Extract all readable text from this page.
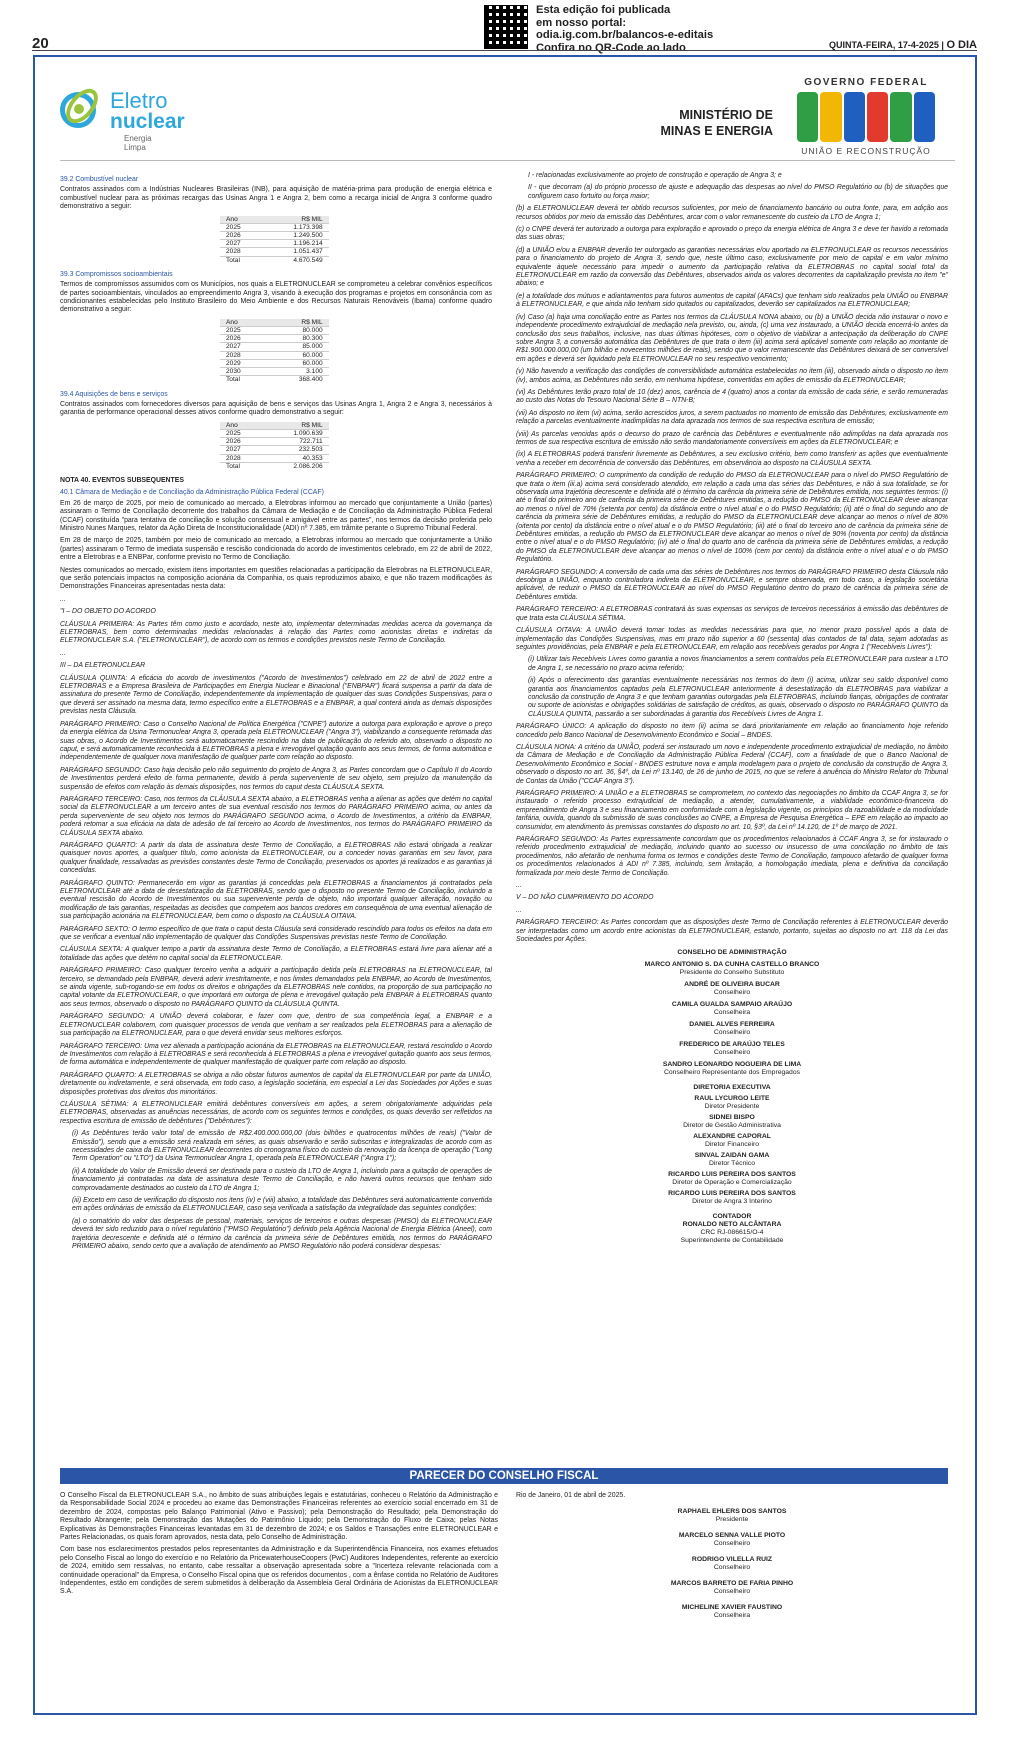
20
Esta edição foi publicada
em nosso portal:
odia.ig.com.br/balancos-e-editais
Confira no QR-Code ao lado	QUINTA-FEIRA, 17-4-2025 | O DIA
Eletro
nuclear
Energia Limpa
MINISTÉRIO DE
MINAS E ENERGIA
GOVERNO FEDERAL
UNIÃO E RECONSTRUÇÃO
39.2 Combustível nuclear

Contratos assinados com a Indústrias Nucleares Brasileiras (INB), para aquisição de matéria-prima para produção de energia elétrica e combustível nuclear para as próximas recargas das Usinas Angra 1 e Angra 2, bem como a recarga inicial de Angra 3 conforme quadro demonstrativo a seguir:

Ano	R$ MIL
2025	1.173.398
2026	1.249.500
2027	1.196.214
2028	1.051.437
Total	4.670.549
39.3 Compromissos socioambientais

Termos de compromissos assumidos com os Municípios, nos quais a ELETRONUCLEAR se comprometeu a celebrar convênios específicos de partes socioambientais, vinculados ao empreendimento Angra 3, visando à execução dos programas e projetos em consonância com as condicionantes estabelecidas pelo Instituto Brasileiro do Meio Ambiente e dos Recursos Naturais Renováveis (Ibama) conforme quadro demonstrativo a seguir:

Ano	R$ MIL
2025	80.000
2026	80.300
2027	85.000
2028	60.000
2029	60.000
2030	3.100
Total	368.400
39.4 Aquisições de bens e serviços

Contratos assinados com fornecedores diversos para aquisição de bens e serviços das Usinas Angra 1, Angra 2 e Angra 3, necessários à garantia de performance operacional desses ativos conforme quadro demonstrativo a seguir:

Ano	R$ MIL
2025	1.090.639
2026	722.711
2027	232.503
2028	40.353
Total	2.086.206
NOTA 40. EVENTOS SUBSEQUENTES
40.1 Câmara de Mediação e de Conciliação da Administração Pública Federal (CCAF)

Em 26 de março de 2025, por meio de comunicado ao mercado, a Eletrobras informou ao mercado que conjuntamente a União (partes) assinaram o Termo de Conciliação decorrente dos trabalhos da Câmara de Mediação e de Conciliação da Administração Pública Federal (CCAF) constituída "para tentativa de conciliação e solução consensual e amigável entre as partes", nos termos da decisão proferida pelo Ministro Nunes Marques, relator da Ação Direta de Inconstitucionalidade (ADI) nº 7.385, em trâmite perante o Supremo Tribunal Federal.

Em 28 de março de 2025, também por meio de comunicado ao mercado, a Eletrobras informou ao mercado que conjuntamente a União (partes) assinaram o Termo de imediata suspensão e rescisão condicionada do acordo de investimentos celebrado, em 22 de abril de 2022, entre a Eletrobras e a ENBPar, conforme previsto no Termo de Conciliação.

Nestes comunicados ao mercado, existem itens importantes em questões relacionadas a participação da Eletrobras na ELETRONUCLEAR, que serão potenciais impactos na composição acionária da Companhia, os quais reproduzimos abaixo, e que não trazem modificações às Demonstrações Financeiras apresentadas nesta data:

...

"I – DO OBJETO DO ACORDO

CLÁUSULA PRIMEIRA: As Partes têm como justo e acordado, neste ato, implementar determinadas medidas acerca da governança da ELETROBRAS, bem como determinadas medidas relacionadas à relação das Partes como acionistas diretas e indiretas da ELETRONUCLEAR S.A. ("ELETRONUCLEAR"), de acordo com os termos e condições previstos neste Termo de Conciliação.

...

III – DA ELETRONUCLEAR

CLÁUSULA QUINTA: A eficácia do acordo de investimentos ("Acordo de Investimentos") celebrado em 22 de abril de 2022 entre a ELETROBRAS e a Empresa Brasileira de Participações em Energia Nuclear e Binacional ("ENBPAR") ficará suspensa a partir da data de assinatura do presente Termo de Conciliação, independentemente da implementação de qualquer das suas Condições Suspensivas, para o que deverá ser assinado na mesma data, termo específico entre a ELETROBRAS e a ENBPAR, a qual conterá ainda as demais disposições previstas nesta Cláusula.

PARÁGRAFO PRIMEIRO: Caso o Conselho Nacional de Política Energética ("CNPE") autorize a outorga para exploração e aprove o preço da energia elétrica da Usina Termonuclear Angra 3, operada pela ELETRONUCLEAR ("Angra 3"), viabilizando a consequente retomada das suas obras, o Acordo de Investimentos será automaticamente rescindido na data de publicação do referido ato, observado o disposto no caput, e será automaticamente reconhecida à ELETROBRAS a plena e irrevogável quitação quanto aos seus termos, de forma automática e independentemente de qualquer nova manifestação de qualquer parte com relação ao disposto.

PARÁGRAFO SEGUNDO: Caso haja decisão pelo não seguimento do projeto de Angra 3, as Partes concordam que o Capítulo II do Acordo de Investimentos perderá efeito de forma permanente, devido à perda superveniente de seu objeto, sem prejuízo da manutenção da suspensão de efeitos com relação às demais disposições, nos termos do caput desta CLÁUSULA SEXTA.

PARÁGRAFO TERCEIRO: Caso, nos termos da CLÁUSULA SEXTA abaixo, a ELETROBRAS venha a alienar as ações que detém no capital social da ELETRONUCLEAR a um terceiro antes de sua eventual rescisão nos termos do PARÁGRAFO PRIMEIRO acima, ou antes da perda superveniente de seu objeto nos termos do PARÁGRAFO SEGUNDO acima, o Acordo de Investimentos, a critério da ENBPAR, poderá retomar a sua eficácia na data de adesão de tal terceiro ao Acordo de Investimentos, nos termos do PARÁGRAFO PRIMEIRO da CLÁUSULA SEXTA abaixo.

PARÁGRAFO QUARTO: A partir da data de assinatura deste Termo de Conciliação, a ELETROBRAS não estará obrigada a realizar quaisquer novos aportes, a qualquer título, como acionista da ELETRONUCLEAR, ou a conceder novas garantias em seu favor, para qualquer finalidade, ressalvadas as previsões constantes deste Termo de Conciliação, preservados os aportes já realizados e as garantias já concedidas.

PARÁGRAFO QUINTO: Permanecerão em vigor as garantias já concedidas pela ELETROBRAS a financiamentos já contratados pela ELETRONUCLEAR até a data de desestatização da ELETROBRAS, sendo que o disposto no presente Termo de Conciliação, incluindo a eventual rescisão do Acordo de Investimentos ou sua superveniente perda de objeto, não importará qualquer alteração, novação ou modificação de tais garantias, respeitadas as decisões que competem aos bancos credores em consequência de uma eventual alienação de sua participação acionária na ELETRONUCLEAR, bem como o disposto na CLÁUSULA OITAVA.

PARÁGRAFO SEXTO: O termo específico de que trata o caput desta Cláusula será considerado rescindido para todos os efeitos na data em que se verificar a eventual não implementação de qualquer das Condições Suspensivas previstas neste Termo de Conciliação.

CLÁUSULA SEXTA: A qualquer tempo a partir da assinatura deste Termo de Conciliação, a ELETROBRAS estará livre para alienar até a totalidade das ações que detém no capital social da ELETRONUCLEAR.

PARÁGRAFO PRIMEIRO: Caso qualquer terceiro venha a adquirir a participação detida pela ELETROBRAS na ELETRONUCLEAR, tal terceiro, se demandado pela ENBPAR, deverá aderir irrestritamente, e nos limites demandados pela ENBPAR, ao Acordo de Investimentos, se ainda vigente, sub-rogando-se em todos os direitos e obrigações da ELETROBRAS nele contidos, na proporção de sua participação no capital votante da ELETRONUCLEAR, o que importará em outorga de plena e irrevogável quitação pela ENBPAR à ELETROBRAS quanto aos seus termos, observado o disposto no PARÁGRAFO QUINTO da CLÁUSULA QUINTA.

PARÁGRAFO SEGUNDO: A UNIÃO deverá colaborar, e fazer com que, dentro de sua competência legal, a ENBPAR e a ELETRONUCLEAR colaborem, com quaisquer processos de venda que venham a ser realizados pela ELETROBRAS para a alienação de sua participação na ELETRONUCLEAR, para o que deverá envidar seus melhores esforços.

PARÁGRAFO TERCEIRO: Uma vez alienada a participação acionária da ELETROBRAS na ELETRONUCLEAR, restará rescindido o Acordo de Investimentos com relação à ELETROBRAS e será reconhecida à ELETROBRAS a plena e irrevogável quitação quanto aos seus termos, de forma automática e independentemente de qualquer manifestação de qualquer parte com relação ao disposto.

PARÁGRAFO QUARTO: A ELETROBRAS se obriga a não obstar futuros aumentos de capital da ELETRONUCLEAR por parte da UNIÃO, diretamente ou indiretamente, e será observada, em todo caso, a legislação societária, em especial a Lei das Sociedades por Ações e suas disposições protetivas dos direitos dos minoritários.

CLÁUSULA SÉTIMA: A ELETRONUCLEAR emitirá debêntures conversíveis em ações, a serem obrigatoriamente adquiridas pela ELETROBRAS, observadas as anuências necessárias, de acordo com os seguintes termos e condições, os quais deverão ser refletidos na respectiva escritura de emissão de debêntures ("Debêntures"):

(i) As Debêntures terão valor total de emissão de R$2.400.000.000,00 (dois bilhões e quatrocentos milhões de reais) ("Valor de Emissão"), sendo que a emissão será realizada em séries, as quais observarão e serão subscritas e integralizadas de acordo com as necessidades de caixa da ELETRONUCLEAR decorrentes do cronograma físico do custeio da renovação da licença de operação ("Long Term Operation" ou "LTO") da Usina Termonuclear Angra 1, operada pela ELETRONUCLEAR ("Angra 1");

(ii) A totalidade do Valor de Emissão deverá ser destinada para o custeio da LTO de Angra 1, incluindo para a quitação de operações de financiamento já contratadas na data de assinatura deste Termo de Conciliação, e não haverá outros recursos que tenham sido comprovadamente destinados ao custeio da LTO de Angra 1;

(iii) Exceto em caso de verificação do disposto nos itens (iv) e (viii) abaixo, a totalidade das Debêntures será automaticamente convertida em ações ordinárias de emissão da ELETRONUCLEAR, caso seja verificada a satisfação da integralidade das seguintes condições:

(a) o somatório do valor das despesas de pessoal, materiais, serviços de terceiros e outras despesas (PMSO) da ELETRONUCLEAR deverá ter sido reduzido para o nível regulatório ("PMSO Regulatório") definido pela Agência Nacional de Energia Elétrica (Aneel), com trajetória decrescente e definida até o término da carência da primeira série de Debêntures emitida, nos termos do PARÁGRAFO PRIMEIRO abaixo, sendo certo que a avaliação de atendimento ao PMSO Regulatório não poderá considerar despesas:

I - relacionadas exclusivamente ao projeto de construção e operação de Angra 3; e

II - que decorram (a) do próprio processo de ajuste e adequação das despesas ao nível do PMSO Regulatório ou (b) de situações que configurem caso fortuito ou força maior;

(b) a ELETRONUCLEAR deverá ter obtido recursos suficientes, por meio de financiamento bancário ou outra fonte, para, em adição aos recursos obtidos por meio da emissão das Debêntures, arcar com o valor remanescente do custeio da LTO de Angra 1;

(c) o CNPE deverá ter autorizado a outorga para exploração e aprovado o preço da energia elétrica de Angra 3 e deve ter havido a retomada das suas obras;

(d) a UNIÃO e/ou a ENBPAR deverão ter outorgado as garantias necessárias e/ou aportado na ELETRONUCLEAR os recursos necessários para o financiamento do projeto de Angra 3, sendo que, neste último caso, exclusivamente por meio de capital e em valor mínimo equivalente àquele necessário para impedir o aumento da participação relativa da ELETROBRAS no capital social total da ELETRONUCLEAR em razão da conversão das Debêntures, observados ainda os valores decorrentes da capitalização prevista no item "e" abaixo; e

(e) a totalidade dos mútuos e adiantamentos para futuros aumentos de capital (AFACs) que tenham sido realizados pela UNIÃO ou ENBPAR à ELETRONUCLEAR, e que ainda não tenham sido quitados ou capitalizados, deverão ser capitalizados na ELETRONUCLEAR;

(iv) Caso (a) haja uma conciliação entre as Partes nos termos da CLÁUSULA NONA abaixo, ou (b) a UNIÃO decida não instaurar o novo e independente procedimento extrajudicial de mediação nela previsto, ou, ainda, (c) uma vez instaurado, a UNIÃO decida encerrá-lo antes da conclusão dos seus trabalhos, inclusive, nas duas últimas hipóteses, com o objetivo de viabilizar a antecipação da deliberação do CNPE sobre Angra 3, a conversão automática das Debêntures de que trata o item (iii) acima será aplicável somente com relação ao montante de R$1.900.000.000,00 (um bilhão e novecentos milhões de reais), sendo que o valor remanescente das Debêntures deixará de ser conversível em ações e deverá ser liquidado pela ELETRONUCLEAR no seu respectivo vencimento;

(v) Não havendo a verificação das condições de conversibilidade automática estabelecidas no item (iii), observado ainda o disposto no item (iv), ambos acima, as Debêntures não serão, em nenhuma hipótese, convertidas em ações de emissão da ELETRONUCLEAR;

(vi) As Debêntures terão prazo total de 10 (dez) anos, carência de 4 (quatro) anos a contar da emissão de cada série, e serão remuneradas ao custo das Notas do Tesouro Nacional Série B – NTN-B;

(vii) Ao disposto no item (vi) acima, serão acrescidos juros, a serem pactuados no momento de emissão das Debêntures, exclusivamente em relação a parcelas eventualmente inadimplidas na data aprazada nos termos de sua respectiva escritura de emissão;

(viii) As parcelas vencidas após o decurso do prazo de carência das Debêntures e eventualmente não adimplidas na data aprazada nos termos de sua respectiva escritura de emissão não serão mandatoriamente conversíveis em ações da ELETRONUCLEAR; e

(ix) A ELETROBRAS poderá transferir livremente as Debêntures, a seu exclusivo critério, bem como transferir as ações que eventualmente venha a receber em decorrência de conversão das Debêntures, em observância ao disposto na CLÁUSULA SEXTA.

PARÁGRAFO PRIMEIRO: O cumprimento da condição de redução do PMSO da ELETRONUCLEAR para o nível do PMSO Regulatório de que trata o item (iii.a) acima será considerado atendido, em relação a cada uma das séries das Debêntures, e não à sua totalidade, se for observada uma trajetória decrescente e definida até o término da carência da primeira série de Debêntures emitida, nos seguintes termos: (i) até o final do primeiro ano de carência da primeira série de Debêntures emitidas, a redução do PMSO da ELETRONUCLEAR deve alcançar ao menos o nível de 70% (setenta por cento) da distância entre o nível atual e o do PMSO Regulatório; (ii) até o final do segundo ano de carência da primeira série de Debêntures emitidas, a redução do PMSO da ELETRONUCLEAR deve alcançar ao menos o nível de 80% (oitenta por cento) da distância entre o nível atual e o do PMSO Regulatório; (iii) até o final do terceiro ano de carência da primeira série de Debêntures emitidas, a redução do PMSO da ELETRONUCLEAR deve alcançar ao menos o nível de 90% (noventa por cento) da distância entre o nível atual e o do PMSO Regulatório; (iv) até o final do quarto ano de carência da primeira série de Debêntures emitidas, a redução do PMSO da ELETRONUCLEAR deve alcançar ao menos o nível de 100% (cem por cento) da distância entre o nível atual e o do PMSO Regulatório.

PARÁGRAFO SEGUNDO: A conversão de cada uma das séries de Debêntures nos termos do PARÁGRAFO PRIMEIRO desta Cláusula não desobriga a UNIÃO, enquanto controladora indireta da ELETRONUCLEAR, e sempre observada, em todo caso, a legislação societária aplicável, de reduzir o PMSO da ELETRONUCLEAR ao nível do PMSO Regulatório dentro do prazo de carência da primeira série de Debêntures emitida.

PARÁGRAFO TERCEIRO: A ELETROBRAS contratará às suas expensas os serviços de terceiros necessários à emissão das debêntures de que trata esta CLÁUSULA SÉTIMA.

CLÁUSULA OITAVA: A UNIÃO deverá tomar todas as medidas necessárias para que, no menor prazo possível após a data de implementação das Condições Suspensivas, mas em prazo não superior a 60 (sessenta) dias contados de tal data, sejam adotadas as seguintes providências, pela ENBPAR e pela ELETRONUCLEAR, em relação aos recebíveis gerados por Angra 1 ("Recebíveis Livres"):

(i) Utilizar tais Recebíveis Livres como garantia a novos financiamentos a serem contraídos pela ELETRONUCLEAR para custear a LTO de Angra 1, se necessário no prazo acima referido;

(ii) Após o oferecimento das garantias eventualmente necessárias nos termos do item (i) acima, utilizar seu saldo disponível como garantia aos financiamentos captados pela ELETRONUCLEAR anteriormente à desestatização da ELETROBRAS para viabilizar a conclusão da construção de Angra 3 e que tenham garantias outorgadas pela ELETROBRAS, incluindo fianças, obrigações de contratar ou suporte de acionistas e obrigações solidárias de satisfação de créditos, as quais, observado o disposto no PARÁGRAFO QUINTO da CLÁUSULA QUINTA, passarão a ser subordinadas à garantia dos Recebíveis Livres de Angra 1.

PARÁGRAFO ÚNICO: A aplicação do disposto no item (ii) acima se dará prioritariamente em relação ao financiamento hoje referido concedido pelo Banco Nacional de Desenvolvimento Econômico e Social – BNDES.

CLÁUSULA NONA: A critério da UNIÃO, poderá ser instaurado um novo e independente procedimento extrajudicial de mediação, no âmbito da Câmara de Mediação e de Conciliação da Administração Pública Federal (CCAF), com a finalidade de que o Banco Nacional de Desenvolvimento Econômico e Social - BNDES estruture nova e ampla modelagem para o projeto de conclusão da construção de Angra 3, observado o disposto no art. 36, §4º, da Lei nº 13.140, de 26 de junho de 2015, no que se refere à anuência do Ministro Relator do Tribunal de Contas da União ("CCAF Angra 3").

PARÁGRAFO PRIMEIRO: A UNIÃO e a ELETROBRAS se comprometem, no contexto das negociações no âmbito da CCAF Angra 3, se for instaurado o referido processo extrajudicial de mediação, a atender, cumulativamente, a viabilidade econômico-financeira do empreendimento de Angra 3 e seu financiamento em conformidade com a legislação vigente, os princípios da razoabilidade e da modicidade tarifária, ouvida, quando da submissão de suas conclusões ao CNPE, a Empresa de Pesquisa Energética – EPE em relação ao impacto ao consumidor, em atendimento às premissas constantes do disposto no art. 10, §3º, da Lei nº 14.120, de 1º de março de 2021.

PARÁGRAFO SEGUNDO: As Partes expressamente concordam que os procedimentos relacionados à CCAF Angra 3, se for instaurado o referido procedimento extrajudicial de mediação, incluindo quanto ao sucesso ou insucesso de uma conciliação no âmbito de tais procedimentos, não afetarão de nenhuma forma os termos e condições deste Termo de Conciliação, tampouco afetarão de qualquer forma os procedimentos relacionados à ADI nº 7.385, incluindo, sem limitação, a homologação imediata, plena e definitiva da conciliação formalizada por meio deste Termo de Conciliação.

...

V – DO NÃO CUMPRIMENTO DO ACORDO

...

PARÁGRAFO TERCEIRO: As Partes concordam que as disposições deste Termo de Conciliação referentes à ELETRONUCLEAR deverão ser interpretadas como um acordo entre acionistas da ELETRONUCLEAR, estando, portanto, sujeitas ao disposto no art. 118 da Lei das Sociedades por Ações.

CONSELHO DE ADMINISTRAÇÃO
MARCO ANTONIO S. DA CUNHA CASTELLO BRANCO
Presidente do Conselho Substituto
ANDRÉ DE OLIVEIRA BUCAR
Conselheiro
CAMILA GUALDA SAMPAIO ARAÚJO
Conselheira
DANIEL ALVES FERREIRA
Conselheiro
FREDERICO DE ARAÚJO TELES
Conselheiro
SANDRO LEONARDO NOGUEIRA DE LIMA
Conselheiro Representante dos Empregados
DIRETORIA EXECUTIVA
RAUL LYCURGO LEITE
Diretor Presidente
SIDNEI BISPO
Diretor de Gestão Administrativa
ALEXANDRE CAPORAL
Diretor Financeiro
SINVAL ZAIDAN GAMA
Diretor Técnico
RICARDO LUIS PEREIRA DOS SANTOS
Diretor de Operação e Comercialização
RICARDO LUIS PEREIRA DOS SANTOS
Diretor de Angra 3 Interino
CONTADOR
RONALDO NETO ALCÂNTARA
CRC RJ-086615/O-4
Superintendente de Contabilidade
PARECER DO CONSELHO FISCAL

O Conselho Fiscal da ELETRONUCLEAR S.A., no âmbito de suas atribuições legais e estatutárias, conheceu o Relatório da Administração e da Responsabilidade Social 2024 e procedeu ao exame das Demonstrações Financeiras referentes ao exercício social encerrado em 31 de dezembro de 2024, compostas pelo Balanço Patrimonial (Ativo e Passivo); pela Demonstração do Resultado; pela Demonstração do Resultado Abrangente; pela Demonstração das Mutações do Patrimônio Líquido; pela Demonstração do Fluxo de Caixa; pelas Notas Explicativas às Demonstrações Financeiras levantadas em 31 de dezembro de 2024; e os Saldos e Transações entre ELETRONUCLEAR e Partes Relacionadas, os quais foram aprovados, nesta data, pelo Conselho de Administração.

Com base nos esclarecimentos prestados pelos representantes da Administração e da Superintendência Financeira, nos exames efetuados pelo Conselho Fiscal ao longo do exercício e no Relatório da PricewaterhouseCoopers (PwC) Auditores Independentes, referente ao exercício de 2024, emitido sem ressalvas, no entanto, cabe ressaltar a observação apresentada sobre a "Incerteza relevante relacionada com a continuidade operacional" da Empresa, o Conselho Fiscal opina que os referidos documentos , com a ênfase contida no Relatório de Auditores Independentes, estão em condições de serem submetidos à deliberação da Assembleia Geral Ordinária de Acionistas da ELETRONUCLEAR S.A.

Rio de Janeiro, 01 de abril de 2025.

RAPHAEL EHLERS DOS SANTOS
Presidente
MARCELO SENNA VALLE PIOTO
Conselheiro
RODRIGO VILELLA RUIZ
Conselheiro
MARCOS BARRETO DE FARIA PINHO
Conselheiro
MICHELINE XAVIER FAUSTINO
Conselheira
